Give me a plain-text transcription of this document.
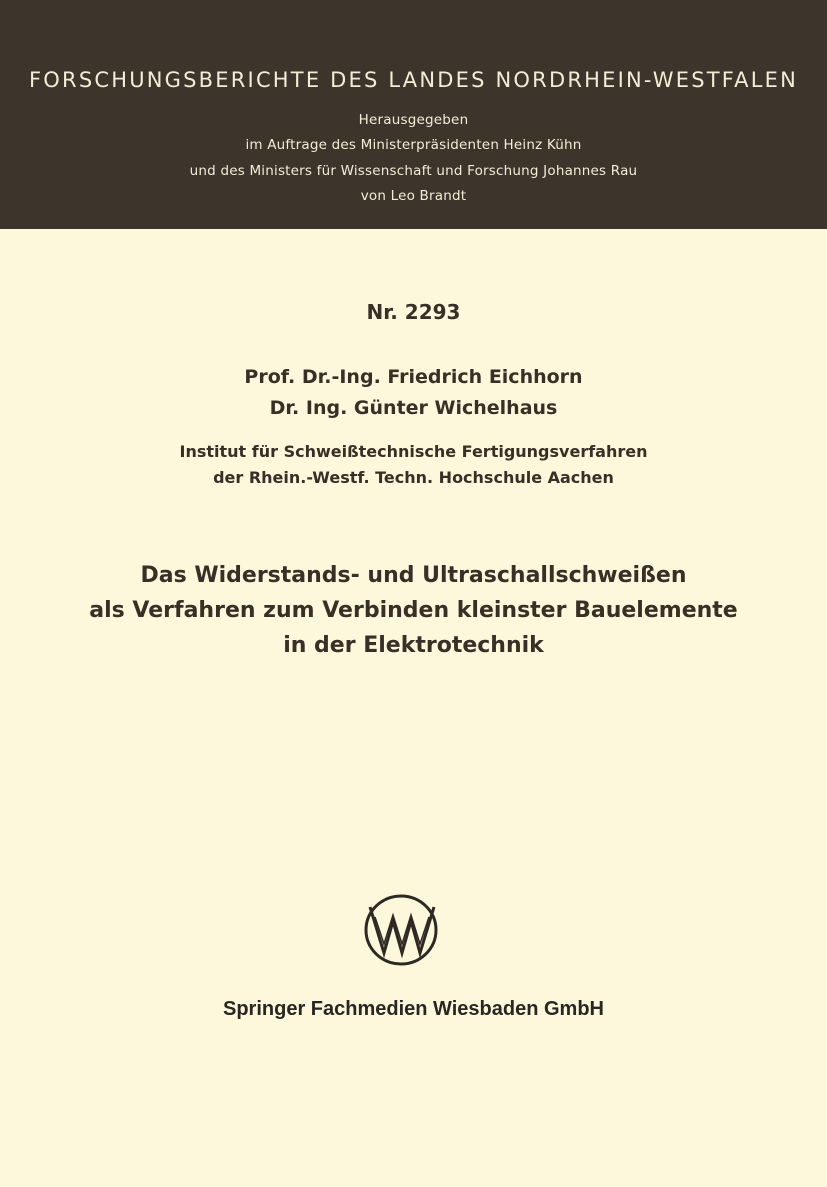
FORSCHUNGSBERICHTE DES LANDES NORDRHEIN-WESTFALEN
Herausgegeben
im Auftrage des Ministerpräsidenten Heinz Kühn
und des Ministers für Wissenschaft und Forschung Johannes Rau
von Leo Brandt
Nr. 2293
Prof. Dr.-Ing. Friedrich Eichhorn
Dr. Ing. Günter Wichelhaus
Institut für Schweißtechnische Fertigungsverfahren
der Rhein.-Westf. Techn. Hochschule Aachen
Das Widerstands- und Ultraschallschweißen
als Verfahren zum Verbinden kleinster Bauelemente
in der Elektrotechnik
Springer Fachmedien Wiesbaden GmbH
